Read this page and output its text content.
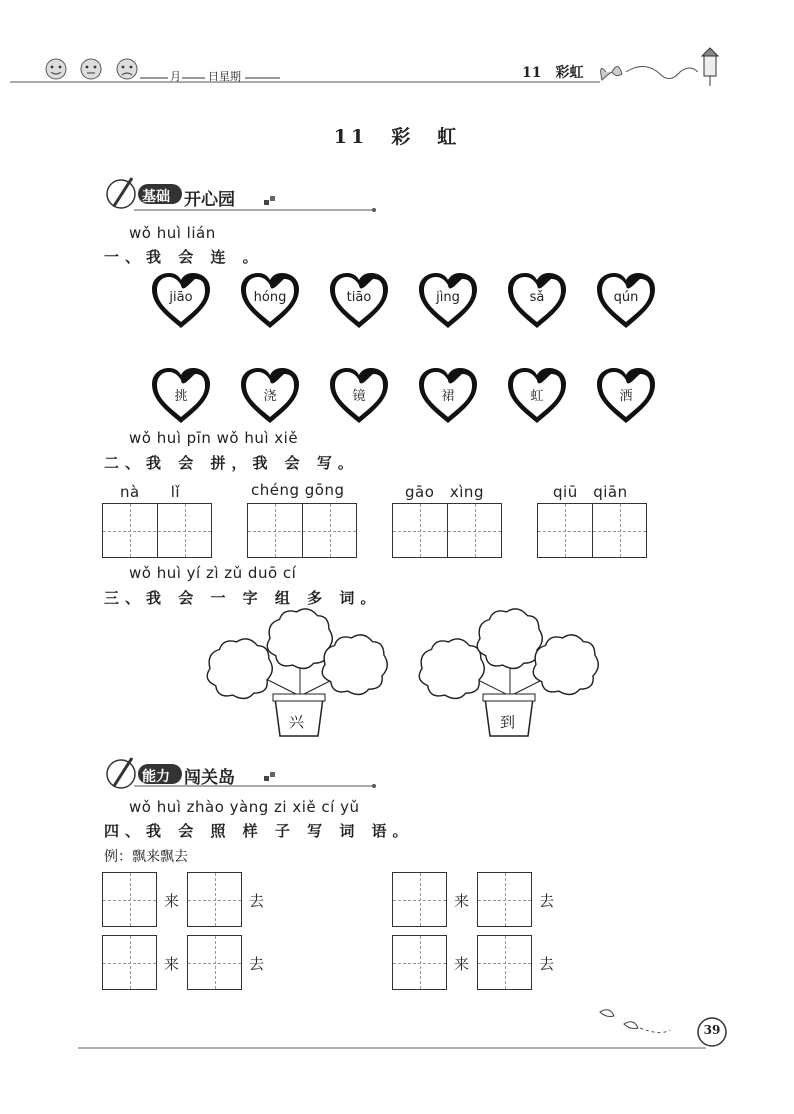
月 日 星期	11　彩虹
11　彩　虹
基础 开心园
wǒ huì lián
一、我 会 连 。
jiāo	hóng	tiāo	jìng	sǎ	qún
挑	浇	镜	裙	虹	洒
wǒ huì pīn wǒ huì xiě
二、我 会 拼，我 会 写。
nà　　lǐ	chéng gōng	gāo　xìng	qiū　qiān
wǒ huì yí zì zǔ duō cí
三、我 会 一 字 组 多 词。
兴	到
能力 闯关岛
wǒ huì zhào yàng zi xiě cí yǔ
四、我 会 照 样 子 写 词 语。
例：飘来飘去
来	去	来	去
来	去	来	去
39
